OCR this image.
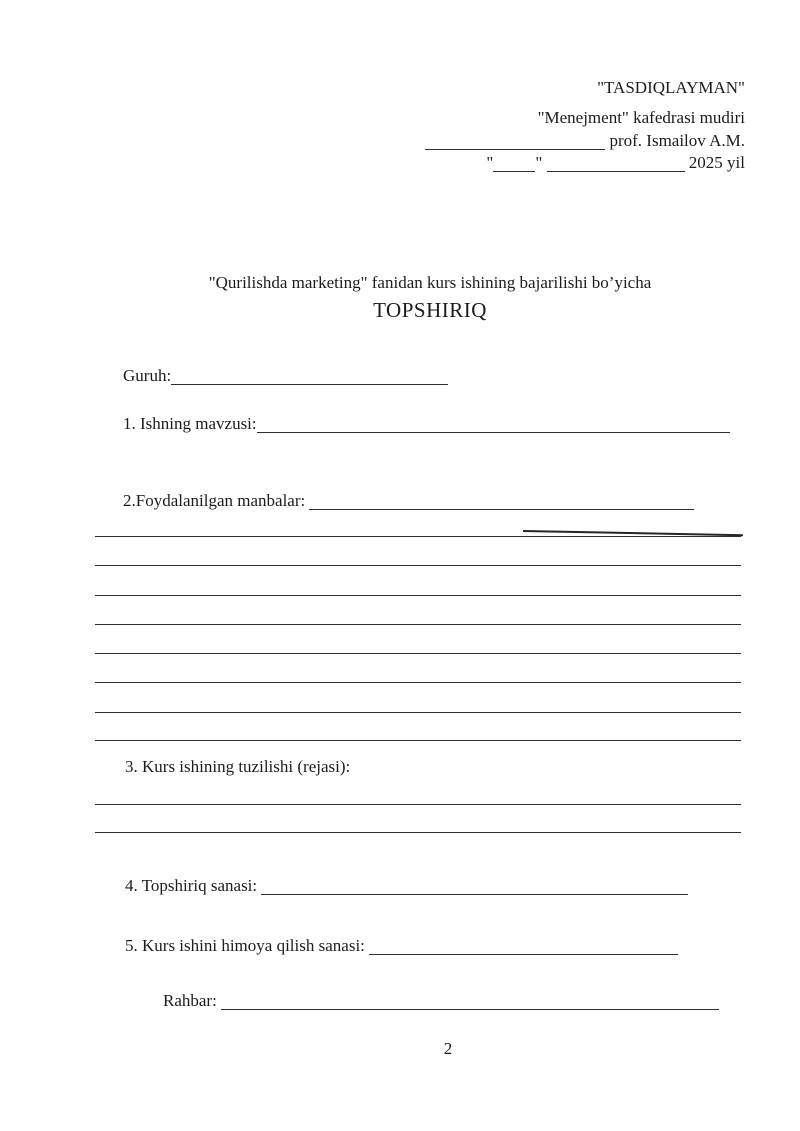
"TASDIQLAYMAN"
"Menejment" kafedrasi mudiri
prof. Ismailov A.M.
" "	2025 yil
"Qurilishda marketing" fanidan kurs ishining bajarilishi bo’yicha
TOPSHIRIQ
Guruh:
1. Ishning mavzusi:
2.Foydalanilgan manbalar:
3. Kurs ishining tuzilishi (rejasi):
4. Topshiriq sanasi:
5. Kurs ishini himoya qilish sanasi:
Rahbar:
2
